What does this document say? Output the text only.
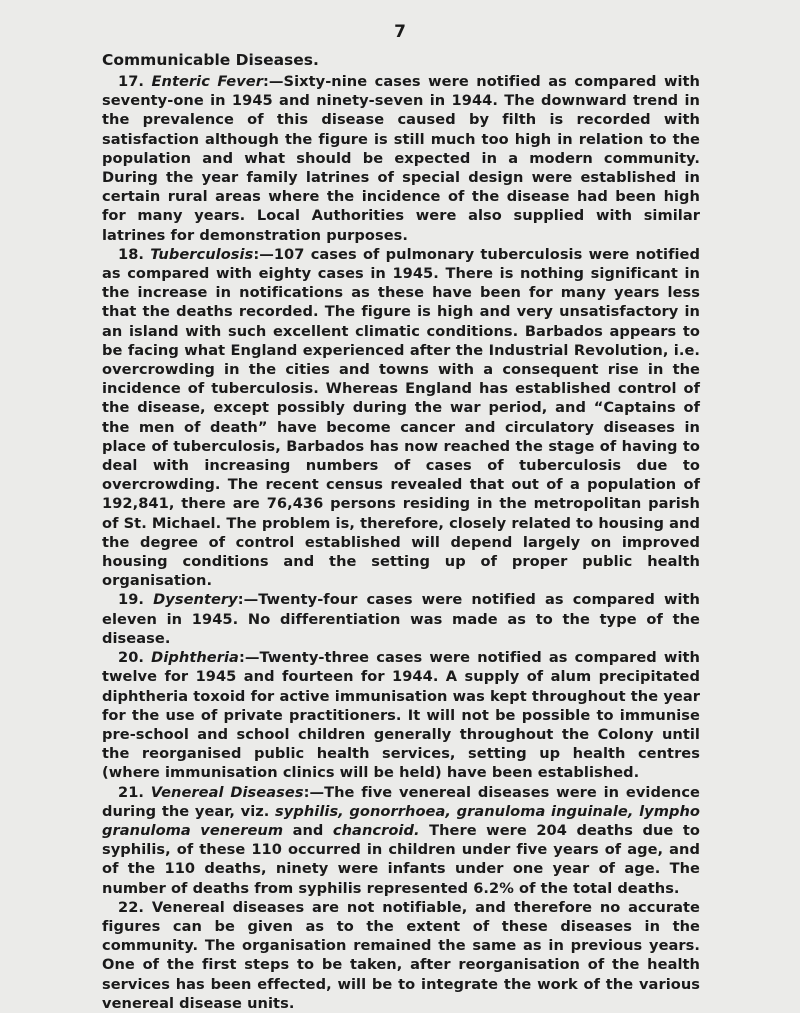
7
Communicable Diseases.

17. Enteric Fever:—Sixty-nine cases were notified as compared with seventy-one in 1945 and ninety-seven in 1944. The downward trend in the prevalence of this disease caused by filth is recorded with satisfaction although the figure is still much too high in relation to the population and what should be expected in a modern community. During the year family latrines of special design were established in certain rural areas where the incidence of the disease had been high for many years. Local Authorities were also supplied with similar latrines for demonstration purposes.

18. Tuberculosis:—107 cases of pulmonary tuberculosis were notified as compared with eighty cases in 1945. There is nothing significant in the increase in notifications as these have been for many years less that the deaths recorded. The figure is high and very unsatisfactory in an island with such excellent climatic conditions. Barbados appears to be facing what England experienced after the Industrial Revolution, i.e. overcrowding in the cities and towns with a consequent rise in the incidence of tuberculosis. Whereas England has established control of the disease, except possibly during the war period, and “Captains of the men of death” have become cancer and circulatory diseases in place of tuberculosis, Barbados has now reached the stage of having to deal with increasing numbers of cases of tuberculosis due to overcrowding. The recent census revealed that out of a population of 192,841, there are 76,436 persons residing in the metropolitan parish of St. Michael. The problem is, therefore, closely related to housing and the degree of control established will depend largely on improved housing conditions and the setting up of proper public health organisation.

19. Dysentery:—Twenty-four cases were notified as compared with eleven in 1945. No differentiation was made as to the type of the disease.

20. Diphtheria:—Twenty-three cases were notified as compared with twelve for 1945 and fourteen for 1944. A supply of alum precipitated diphtheria toxoid for active immunisation was kept throughout the year for the use of private practitioners. It will not be possible to immunise pre-school and school children generally throughout the Colony until the reorganised public health services, setting up health centres (where immunisation clinics will be held) have been established.

21. Venereal Diseases:—The five venereal diseases were in evidence during the year, viz. syphilis, gonorrhoea, granuloma inguinale, lympho granuloma venereum and chancroid. There were 204 deaths due to syphilis, of these 110 occurred in children under five years of age, and of the 110 deaths, ninety were infants under one year of age. The number of deaths from syphilis represented 6.2% of the total deaths.

22. Venereal diseases are not notifiable, and therefore no accurate figures can be given as to the extent of these diseases in the community. The organisation remained the same as in previous years. One of the first steps to be taken, after reorganisation of the health services has been effected, will be to integrate the work of the various venereal disease units.
